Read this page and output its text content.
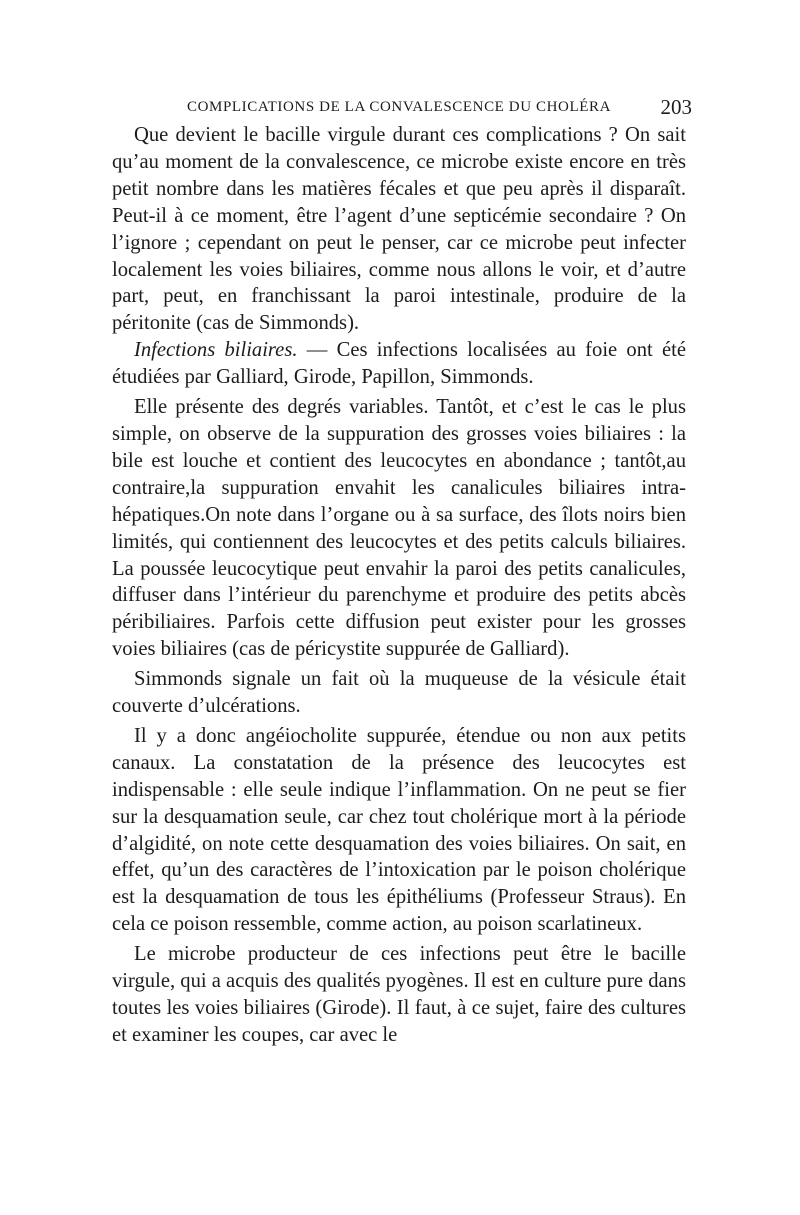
COMPLICATIONS DE LA CONVALESCENCE DU CHOLÉRA 203

Que devient le bacille virgule durant ces complications ? On sait qu’au moment de la convalescence, ce microbe existe encore en très petit nombre dans les matières fécales et que peu après il disparaît. Peut-il à ce moment, être l’agent d’une septicémie secondaire ? On l’ignore ; cependant on peut le penser, car ce microbe peut infecter localement les voies biliaires, comme nous allons le voir, et d’autre part, peut, en franchissant la paroi intestinale, produire de la péritonite (cas de Simmonds).

Infections biliaires. — Ces infections localisées au foie ont été étudiées par Galliard, Girode, Papillon, Simmonds.

Elle présente des degrés variables. Tantôt, et c’est le cas le plus simple, on observe de la suppuration des grosses voies biliaires : la bile est louche et contient des leucocytes en abondance ; tantôt,au contraire,la suppuration envahit les canalicules biliaires intra-hépatiques.On note dans l’organe ou à sa surface, des îlots noirs bien limités, qui contiennent des leucocytes et des petits calculs biliaires. La poussée leucocytique peut envahir la paroi des petits canalicules, diffuser dans l’intérieur du parenchyme et produire des petits abcès péribiliaires. Parfois cette diffusion peut exister pour les grosses voies biliaires (cas de péricystite suppurée de Galliard).

Simmonds signale un fait où la muqueuse de la vésicule était couverte d’ulcérations.

Il y a donc angéiocholite suppurée, étendue ou non aux petits canaux. La constatation de la présence des leucocytes est indispensable : elle seule indique l’inflammation. On ne peut se fier sur la desquamation seule, car chez tout cholérique mort à la période d’algidité, on note cette desquamation des voies biliaires. On sait, en effet, qu’un des caractères de l’intoxication par le poison cholérique est la desquamation de tous les épithéliums (Professeur Straus). En cela ce poison ressemble, comme action, au poison scarlatineux.

Le microbe producteur de ces infections peut être le bacille virgule, qui a acquis des qualités pyogènes. Il est en culture pure dans toutes les voies biliaires (Girode). Il faut, à ce sujet, faire des cultures et examiner les coupes, car avec le
